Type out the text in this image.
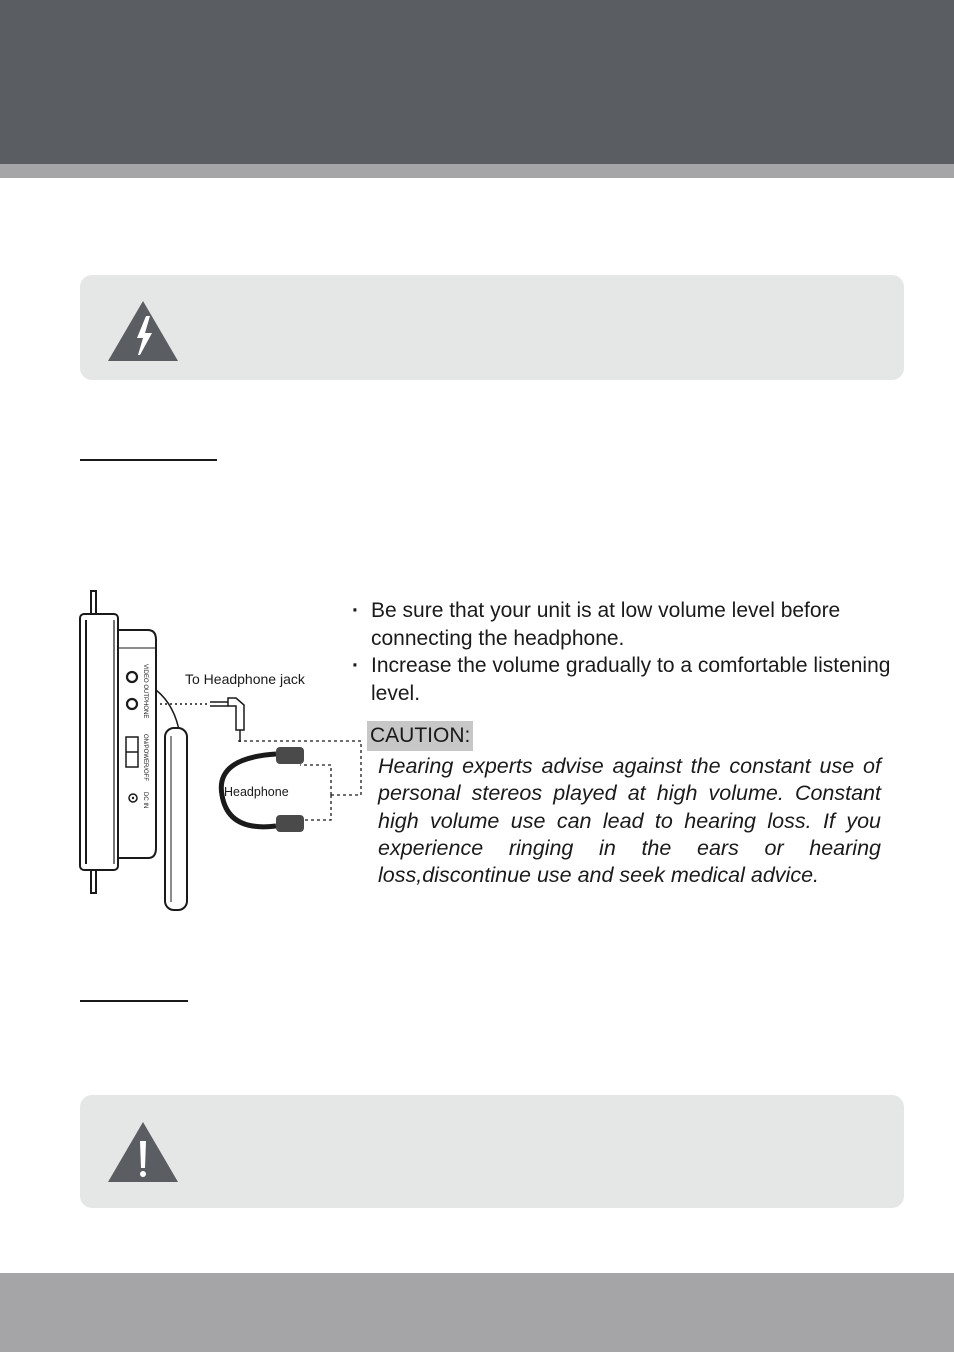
VIDEO OUT
PHONE
ON/POWER/OFF
DC IN
To Headphone jack
Headphone
· Be sure that your unit is at low volume level before connecting the headphone.
· Increase the volume gradually to a comfortable listening level.
CAUTION:

Hearing experts advise against the constant use of personal stereos played at high volume. Constant high volume use can lead to hearing loss. If you experience ringing in the ears or hearing loss,discontinue use and seek medical advice.
